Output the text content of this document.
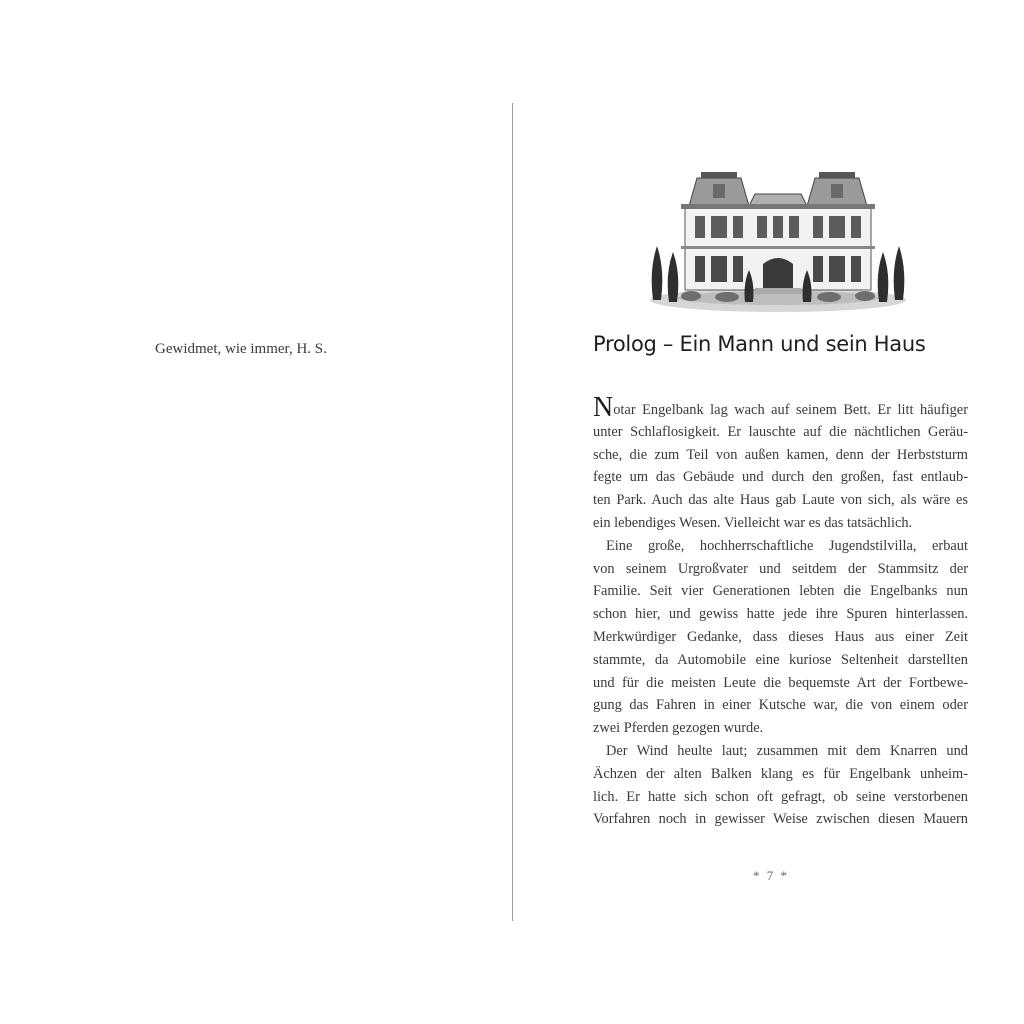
Gewidmet, wie immer, H. S.	Prolog – Ein Mann und sein Haus
Notar Engelbank lag wach auf seinem Bett. Er litt häufiger
unter Schlaflosigkeit. Er lauschte auf die nächtlichen Geräu-
sche, die zum Teil von außen kamen, denn der Herbststurm
fegte um das Gebäude und durch den großen, fast entlaub-
ten Park. Auch das alte Haus gab Laute von sich, als wäre es
ein lebendiges Wesen. Vielleicht war es das tatsächlich.
Eine große, hochherrschaftliche Jugendstilvilla, erbaut
von seinem Urgroßvater und seitdem der Stammsitz der
Familie. Seit vier Generationen lebten die Engelbanks nun
schon hier, und gewiss hatte jede ihre Spuren hinterlassen.
Merkwürdiger Gedanke, dass dieses Haus aus einer Zeit
stammte, da Automobile eine kuriose Seltenheit darstellten
und für die meisten Leute die bequemste Art der Fortbewe-
gung das Fahren in einer Kutsche war, die von einem oder
zwei Pferden gezogen wurde.
Der Wind heulte laut; zusammen mit dem Knarren und
Ächzen der alten Balken klang es für Engelbank unheim-
lich. Er hatte sich schon oft gefragt, ob seine verstorbenen
Vorfahren noch in gewisser Weise zwischen diesen Mauern
* 7 *
